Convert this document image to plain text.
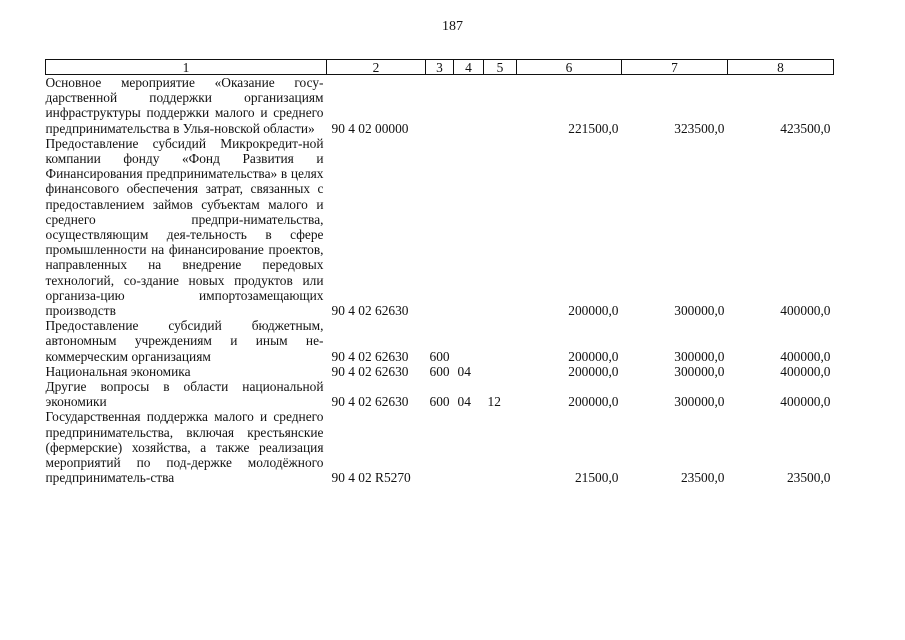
187
1	2	3	4	5	6	7	8
Основное мероприятие «Оказание госу-дарственной поддержки организациям инфраструктуры поддержки малого и среднего предпринимательства в Улья-новской области»	90 4 02 00000				221500,0	323500,0	423500,0
Предоставление субсидий Микрокредит-ной компании фонду «Фонд Развития и Финансирования предпринимательства» в целях финансового обеспечения затрат, связанных с предоставлением займов субъектам малого и среднего предпри-нимательства, осуществляющим дея-тельность в сфере промышленности на финансирование проектов, направленных на внедрение передовых технологий, со-здание новых продуктов или организа-цию импортозамещающих производств	90 4 02 62630				200000,0	300000,0	400000,0
Предоставление субсидий бюджетным, автономным учреждениям и иным не-коммерческим организациям	90 4 02 62630	600			200000,0	300000,0	400000,0
Национальная экономика	90 4 02 62630	600	04		200000,0	300000,0	400000,0
Другие вопросы в области национальной экономики	90 4 02 62630	600	04	12	200000,0	300000,0	400000,0
Государственная поддержка малого и среднего предпринимательства, включая крестьянские (фермерские) хозяйства, а также реализация мероприятий по под-держке молодёжного предприниматель-ства	90 4 02 R5270				21500,0	23500,0	23500,0
